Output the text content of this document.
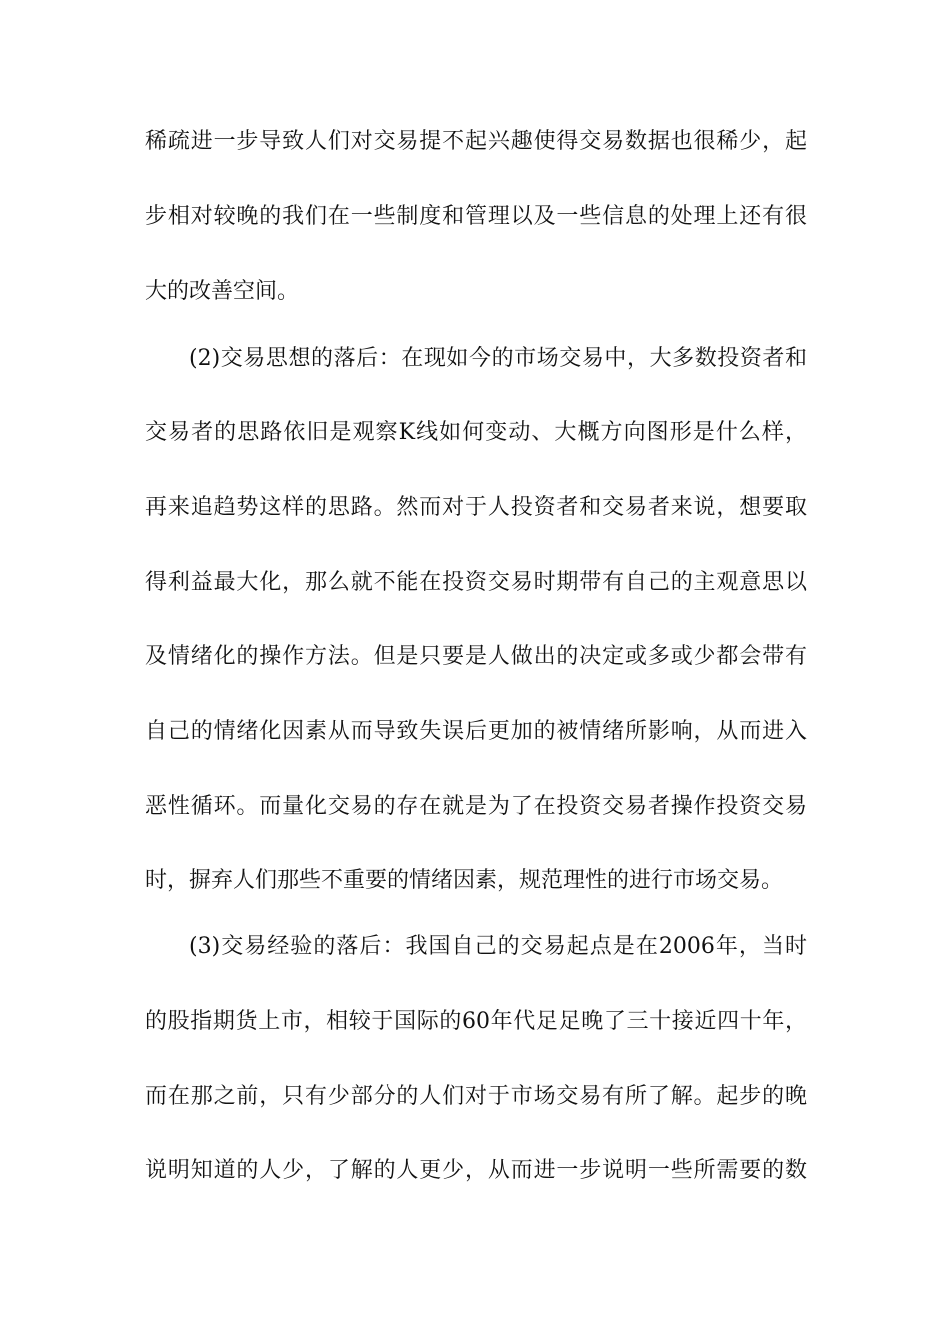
稀疏进一步导致人们对交易提不起兴趣使得交易数据也很稀少，起
步相对较晚的我们在一些制度和管理以及一些信息的处理上还有很
大的改善空间。
(2)交易思想的落后：在现如今的市场交易中，大多数投资者和
交易者的思路依旧是观察K线如何变动、大概方向图形是什么样，
再来追趋势这样的思路。然而对于人投资者和交易者来说，想要取
得利益最大化，那么就不能在投资交易时期带有自己的主观意思以
及情绪化的操作方法。但是只要是人做出的决定或多或少都会带有
自己的情绪化因素从而导致失误后更加的被情绪所影响，从而进入
恶性循环。而量化交易的存在就是为了在投资交易者操作投资交易
时，摒弃人们那些不重要的情绪因素，规范理性的进行市场交易。
(3)交易经验的落后：我国自己的交易起点是在2006年，当时
的股指期货上市，相较于国际的60年代足足晚了三十接近四十年，
而在那之前，只有少部分的人们对于市场交易有所了解。起步的晚
说明知道的人少，了解的人更少，从而进一步说明一些所需要的数
